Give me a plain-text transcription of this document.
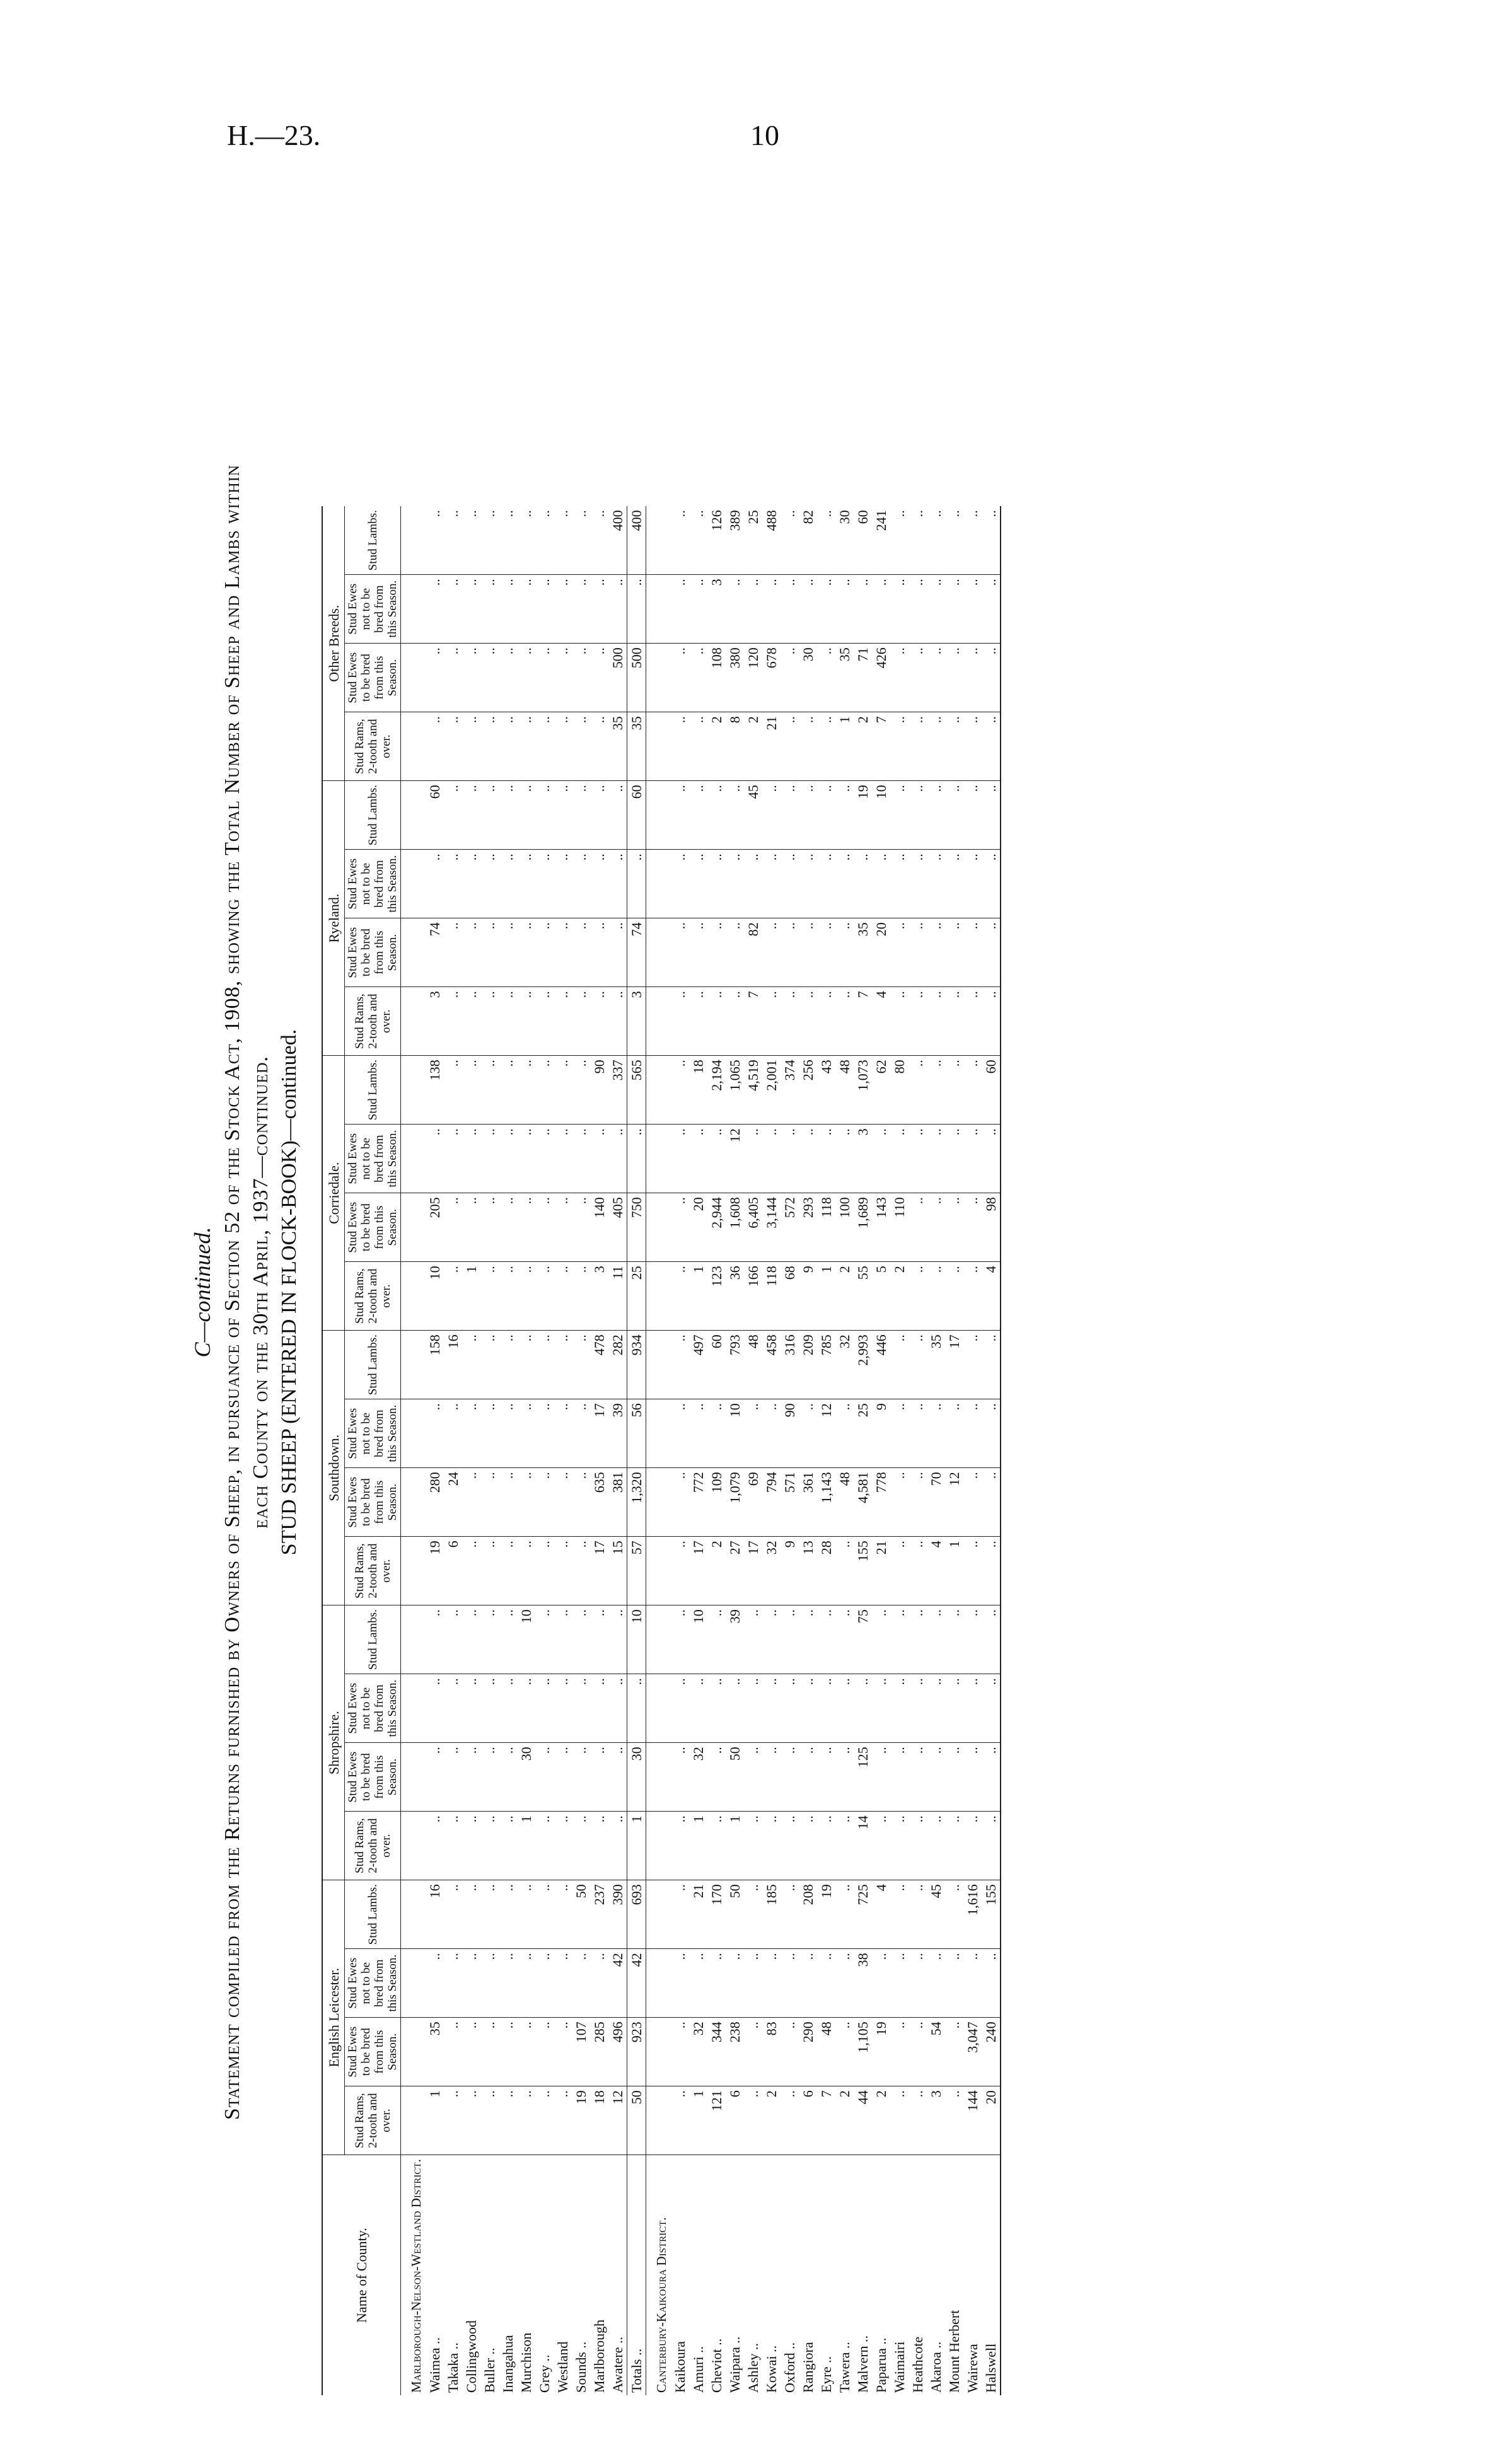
H.—23.	10
C—continued. Statement compiled from the Returns furnished by Owners of Sheep, in pursuance of Section 52 of the Stock Act, 1908, showing the Total Number of Sheep and Lambs within each County on the 30th April, 1937—continued. STUD SHEEP (ENTERED IN FLOCK-BOOK)—continued.
Name of County.	English Leicester.				Shropshire.				Southdown.				Corriedale.				Ryeland.				Other Breeds.			
	Stud Rams, 2-tooth and over.	Stud Ewes to be bred from this Season.	Stud Ewes not to be bred from this Season.	Stud Lambs.	Stud Rams, 2-tooth and over.	Stud Ewes to be bred from this Season.	Stud Ewes not to be bred from this Season.	Stud Lambs.	Stud Rams, 2-tooth and over.	Stud Ewes to be bred from this Season.	Stud Ewes not to be bred from this Season.	Stud Lambs.	Stud Rams, 2-tooth and over.	Stud Ewes to be bred from this Season.	Stud Ewes not to be bred from this Season.	Stud Lambs.	Stud Rams, 2-tooth and over.	Stud Ewes to be bred from this Season.	Stud Ewes not to be bred from this Season.	Stud Lambs.	Stud Rams, 2-tooth and over.	Stud Ewes to be bred from this Season.	Stud Ewes not to be bred from this Season.	Stud Lambs.
Marlborough-Nelson-Westland District.																								
Waimea ..	1	35	..	16	..	..	..	..	19	280	..	158	10	205	..	138	3	74	..	60	..	..	..	..
Takaka ..	..	..	..	..	..	..	..	..	6	24	..	16	..	..	..	..	..	..	..	..	..	..	..	..
Collingwood	..	..	..	..	..	..	..	..	..	..	..	..	1	..	..	..	..	..	..	..	..	..	..	..
Buller ..	..	..	..	..	..	..	..	..	..	..	..	..	..	..	..	..	..	..	..	..	..	..	..	..
Inangahua	..	..	..	..	..	..	..	..	..	..	..	..	..	..	..	..	..	..	..	..	..	..	..	..
Murchison	..	..	..	..	1	30	..	10	..	..	..	..	..	..	..	..	..	..	..	..	..	..	..	..
Grey ..	..	..	..	..	..	..	..	..	..	..	..	..	..	..	..	..	..	..	..	..	..	..	..	..
Westland	..	..	..	..	..	..	..	..	..	..	..	..	..	..	..	..	..	..	..	..	..	..	..	..
Sounds ..	19	107	..	50	..	..	..	..	..	..	..	..	..	..	..	..	..	..	..	..	..	..	..	..
Marlborough	18	285	..	237	..	..	..	..	17	635	17	478	3	140	..	90	..	..	..	..	..	..	..	..
Awatere ..	12	496	42	390	..	..	..	..	15	381	39	282	11	405	..	337	..	..	..	..	35	500	..	400
Totals ..	50	923	42	693	1	30	..	10	57	1,320	56	934	25	750	..	565	3	74	..	60	35	500	..	400
Canterbury-Kaikoura District.																								
Kaikoura	..	..	..	..	..	..	..	..	..	..	..	..	..	..	..	..	..	..	..	..	..	..	..	..
Amuri ..	1	32	..	21	1	32	..	10	17	772	..	497	1	20	..	18	..	..	..	..	..	..	..	..
Cheviot ..	121	344	..	170	..	..	..	..	2	109	..	60	123	2,944	..	2,194	..	..	..	..	2	108	3	126
Waipara ..	6	238	..	50	1	50	..	39	27	1,079	10	793	36	1,608	12	1,065	..	..	..	..	8	380	..	389
Ashley ..	..	..	..	..	..	..	..	..	17	69	..	48	166	6,405	..	4,519	7	82	..	45	2	120	..	25
Kowai ..	2	83	..	185	..	..	..	..	32	794	..	458	118	3,144	..	2,001	..	..	..	..	21	678	..	488
Oxford ..	..	..	..	..	..	..	..	..	9	571	90	316	68	572	..	374	..	..	..	..	..	..	..	..
Rangiora	6	290	..	208	..	..	..	..	13	361	..	209	9	293	..	256	..	..	..	..	..	30	..	82
Eyre ..	7	48	..	19	..	..	..	..	28	1,143	12	785	1	118	..	43	..	..	..	..	..	..	..	..
Tawera ..	2	..	..	..	..	..	..	..	..	48	..	32	2	100	..	48	..	..	..	..	1	35	..	30
Malvern ..	44	1,105	38	725	14	125	..	75	155	4,581	25	2,993	55	1,689	3	1,073	7	35	..	19	2	71	..	60
Paparua ..	2	19	..	4	..	..	..	..	21	778	9	446	5	143	..	62	4	20	..	10	7	426	..	241
Waimairi	..	..	..	..	..	..	..	..	..	..	..	..	2	110	..	80	..	..	..	..	..	..	..	..
Heathcote	..	..	..	..	..	..	..	..	..	..	..	..	..	..	..	..	..	..	..	..	..	..	..	..
Akaroa ..	3	54	..	45	..	..	..	..	4	70	..	35	..	..	..	..	..	..	..	..	..	..	..	..
Mount Herbert	..	..	..	..	..	..	..	..	1	12	..	17	..	..	..	..	..	..	..	..	..	..	..	..
Wairewa	144	3,047	..	1,616	..	..	..	..	..	..	..	..	..	..	..	..	..	..	..	..	..	..	..	..
Halswell	20	240	..	155	..	..	..	..	..	..	..	..	4	98	..	60	..	..	..	..	..	..	..	..
